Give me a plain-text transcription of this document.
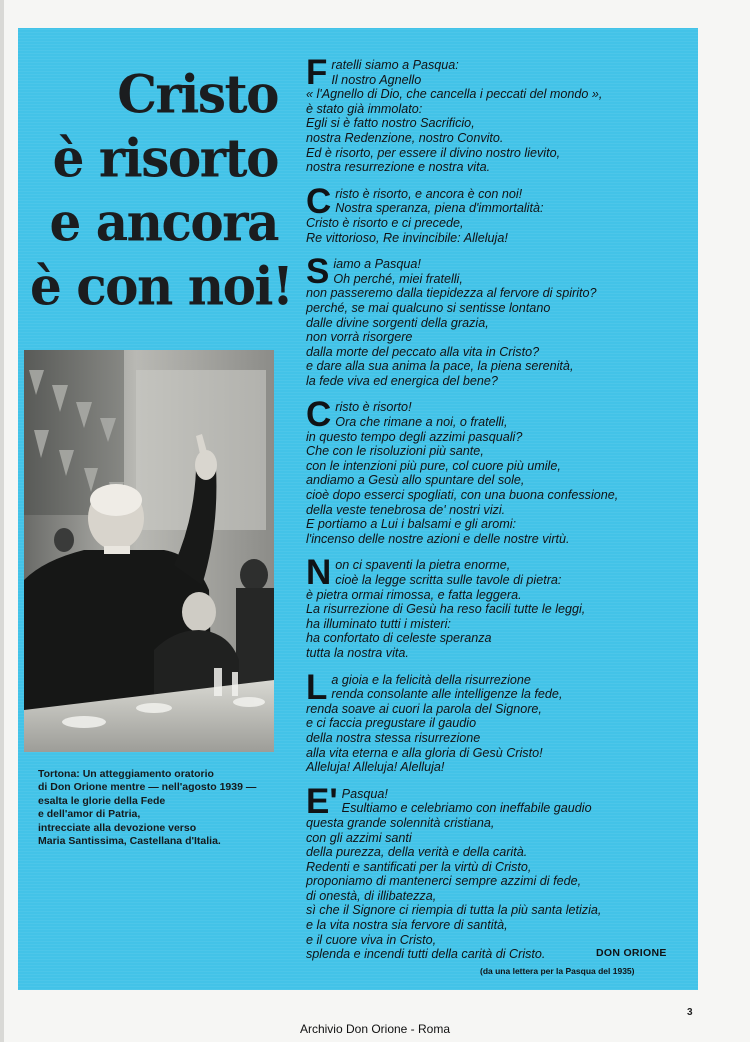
Cristo
è risorto
e ancora
è con noi!

Tortona: Un atteggiamento oratorio
di Don Orione mentre — nell'agosto 1939 —
esalta le glorie della Fede
e dell'amor di Patria,
intrecciate alla devozione verso
Maria Santissima, Castellana d'Italia.

F ratelli siamo a Pasqua:
Il nostro Agnello
« l'Agnello di Dio, che cancella i peccati del mondo »,
è stato già immolato:
Egli si è fatto nostro Sacrificio,
nostra Redenzione, nostro Convito.
Ed è risorto, per essere il divino nostro lievito,
nostra resurrezione e nostra vita.
C risto è risorto, e ancora è con noi!
Nostra speranza, piena d'immortalità:
Cristo è risorto e ci precede,
Re vittorioso, Re invincibile: Alleluja!
S iamo a Pasqua!
Oh perché, miei fratelli,
non passeremo dalla tiepidezza al fervore di spirito?
perché, se mai qualcuno si sentisse lontano
dalle divine sorgenti della grazia,
non vorrà risorgere
dalla morte del peccato alla vita in Cristo?
e dare alla sua anima la pace, la piena serenità,
la fede viva ed energica del bene?
C risto è risorto!
Ora che rimane a noi, o fratelli,
in questo tempo degli azzimi pasquali?
Che con le risoluzioni più sante,
con le intenzioni più pure, col cuore più umile,
andiamo a Gesù allo spuntare del sole,
cioè dopo esserci spogliati, con una buona confessione,
della veste tenebrosa de' nostri vizi.
E portiamo a Lui i balsami e gli aromi:
l'incenso delle nostre azioni e delle nostre virtù.
N on ci spaventi la pietra enorme,
cioè la legge scritta sulle tavole di pietra:
è pietra ormai rimossa, e fatta leggera.
La risurrezione di Gesù ha reso facili tutte le leggi,
ha illuminato tutti i misteri:
ha confortato di celeste speranza
tutta la nostra vita.
L a gioia e la felicità della risurrezione
renda consolante alle intelligenze la fede,
renda soave ai cuori la parola del Signore,
e ci faccia pregustare il gaudio
della nostra stessa risurrezione
alla vita eterna e alla gloria di Gesù Cristo!
Alleluja! Alleluja! Alelluja!
E' Pasqua!
Esultiamo e celebriamo con ineffabile gaudio
questa grande solennità cristiana,
con gli azzimi santi
della purezza, della verità e della carità.
Redenti e santificati per la virtù di Cristo,
proponiamo di mantenerci sempre azzimi di fede,
di onestà, di illibatezza,
sì che il Signore ci riempia di tutta la più santa letizia,
e la vita nostra sia fervore di santità,
e il cuore viva in Cristo,
splenda e incendi tutti della carità di Cristo.	DON ORIONE
(da una lettera per la Pasqua del 1935)
3
Archivio Don Orione - Roma
